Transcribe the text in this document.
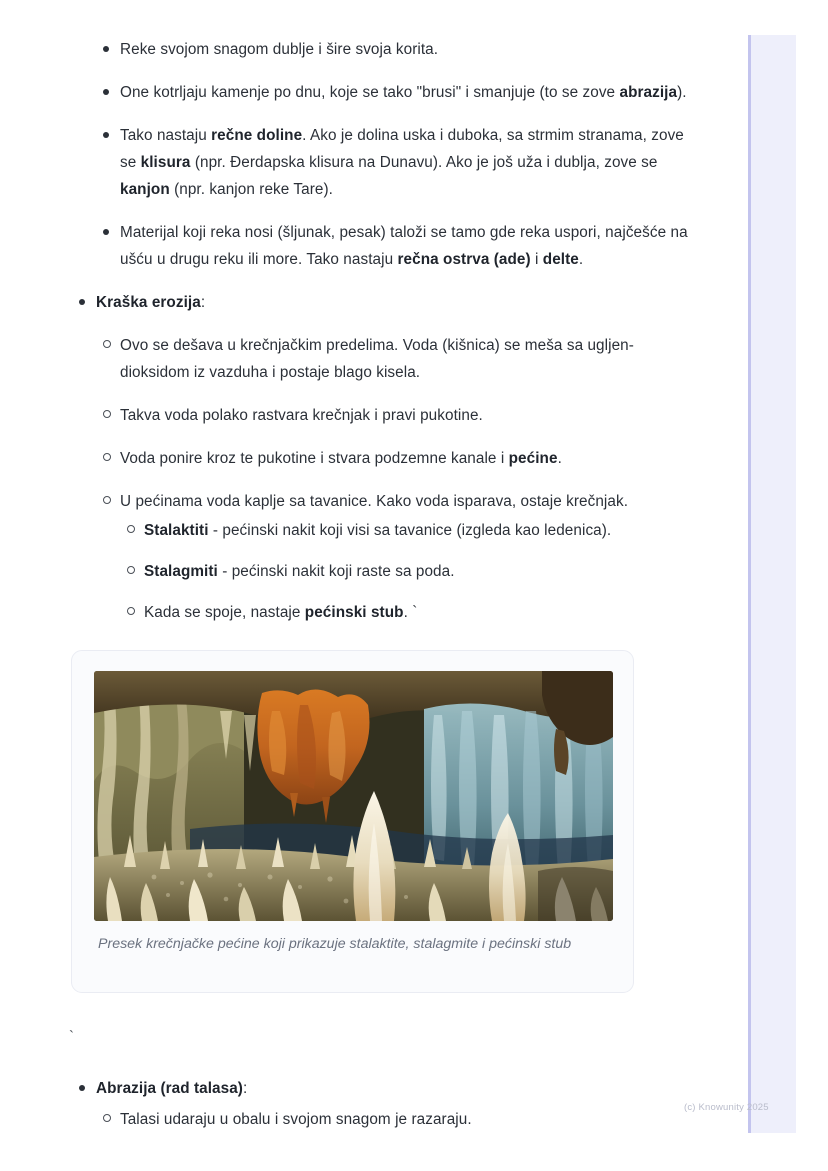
Reke svojom snagom dublje i šire svoja korita.
One kotrljaju kamenje po dnu, koje se tako "brusi" i smanjuje (to se zove abrazija).
Tako nastaju rečne doline. Ako je dolina uska i duboka, sa strmim stranama, zove se klisura (npr. Đerdapska klisura na Dunavu). Ako je još uža i dublja, zove se kanjon (npr. kanjon reke Tare).
Materijal koji reka nosi (šljunak, pesak) taloži se tamo gde reka uspori, najčešće na ušću u drugu reku ili more. Tako nastaju rečna ostrva (ade) i delte.
Kraška erozija:
Ovo se dešava u krečnjačkim predelima. Voda (kišnica) se meša sa ugljen-dioksidom iz vazduha i postaje blago kisela.
Takva voda polako rastvara krečnjak i pravi pukotine.
Voda ponire kroz te pukotine i stvara podzemne kanale i pećine.
U pećinama voda kaplje sa tavanice. Kako voda isparava, ostaje krečnjak.
Stalaktiti - pećinski nakit koji visi sa tavanice (izgleda kao ledenica).
Stalagmiti - pećinski nakit koji raste sa poda.
Kada se spoje, nastaje pećinski stub. `
Presek krečnjačke pećine koji prikazuje stalaktite, stalagmite i pećinski stub
`
Abrazija (rad talasa):
Talasi udaraju u obalu i svojom snagom je razaraju.
(c) Knowunity 2025
